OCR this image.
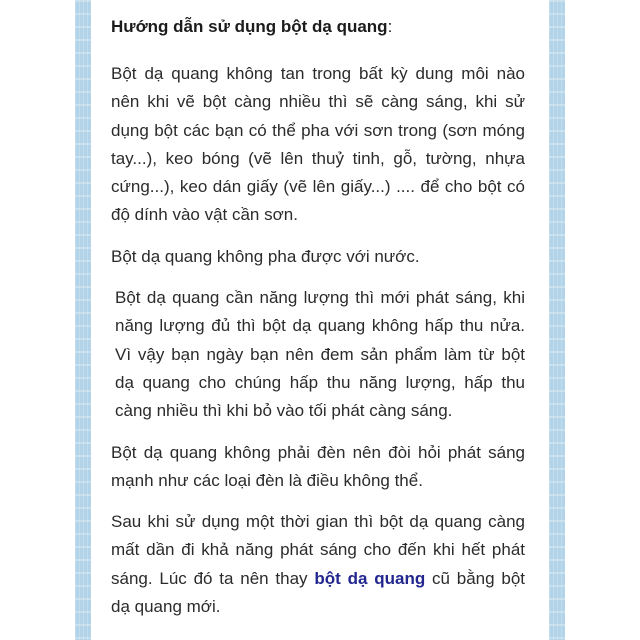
Hướng dẫn sử dụng bột dạ quang:

Bột dạ quang không tan trong bất kỳ dung môi nào nên khi vẽ bột càng nhiều thì sẽ càng sáng, khi sử dụng bột các bạn có thể pha với sơn trong (sơn móng tay...), keo bóng (vẽ lên thuỷ tinh, gỗ, tường, nhựa cứng...), keo dán giấy (vẽ lên giấy...) .... để cho bột có độ dính vào vật cần sơn.

Bột dạ quang không pha được với nước.

Bột dạ quang cần năng lượng thì mới phát sáng, khi năng lượng đủ thì bột dạ quang không hấp thu nửa. Vì vậy bạn ngày bạn nên đem sản phẩm làm từ bột dạ quang cho chúng hấp thu năng lượng, hấp thu càng nhiều thì khi bỏ vào tối phát càng sáng.

Bột dạ quang không phải đèn nên đòi hỏi phát sáng mạnh như các loại đèn là điều không thể.

Sau khi sử dụng một thời gian thì bột dạ quang càng mất dần đi khả năng phát sáng cho đến khi hết phát sáng. Lúc đó ta nên thay bột dạ quang cũ bằng bột dạ quang mới.
